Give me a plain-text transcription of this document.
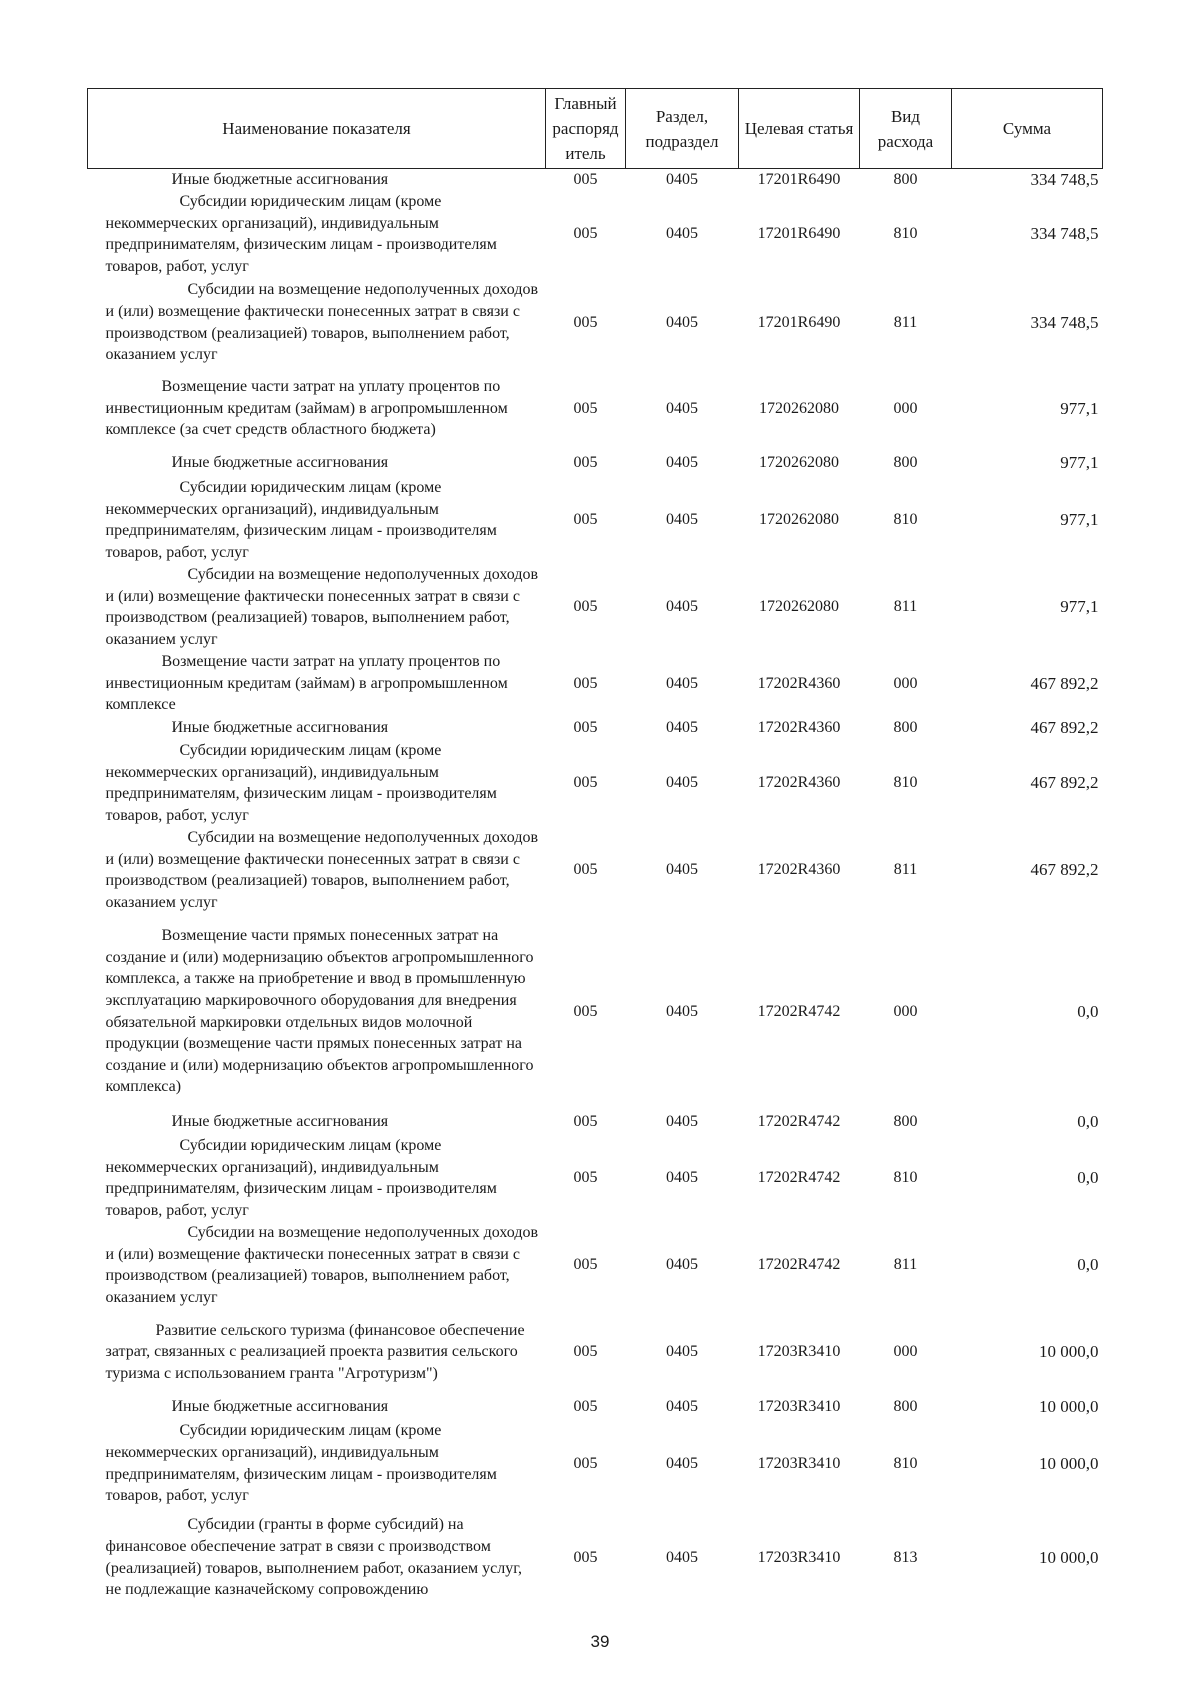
Наименование показателя	Главный распоряд итель	Раздел, подраздел	Целевая статья	Вид расхода	Сумма

Иные бюджетные ассигнования	005	0405	17201R6490	800	334 748,5

Субсидии юридическим лицам (кроме некоммерческих организаций), индивидуальным предпринимателям, физическим лицам - производителям товаров, работ, услуг	005	0405	17201R6490	810	334 748,5

Субсидии на возмещение недополученных доходов и (или) возмещение фактически понесенных затрат в связи с производством (реализацией) товаров, выполнением работ, оказанием услуг	005	0405	17201R6490	811	334 748,5

Возмещение части затрат на уплату процентов по инвестиционным кредитам (займам) в агропромышленном комплексе (за счет средств областного бюджета)	005	0405	1720262080	000	977,1

Иные бюджетные ассигнования	005	0405	1720262080	800	977,1

Субсидии юридическим лицам (кроме некоммерческих организаций), индивидуальным предпринимателям, физическим лицам - производителям товаров, работ, услуг	005	0405	1720262080	810	977,1

Субсидии на возмещение недополученных доходов и (или) возмещение фактически понесенных затрат в связи с производством (реализацией) товаров, выполнением работ, оказанием услуг	005	0405	1720262080	811	977,1

Возмещение части затрат на уплату процентов по инвестиционным кредитам (займам) в агропромышленном комплексе	005	0405	17202R4360	000	467 892,2

Иные бюджетные ассигнования	005	0405	17202R4360	800	467 892,2

Субсидии юридическим лицам (кроме некоммерческих организаций), индивидуальным предпринимателям, физическим лицам - производителям товаров, работ, услуг	005	0405	17202R4360	810	467 892,2

Субсидии на возмещение недополученных доходов и (или) возмещение фактически понесенных затрат в связи с производством (реализацией) товаров, выполнением работ, оказанием услуг	005	0405	17202R4360	811	467 892,2

Возмещение части прямых понесенных затрат на создание и (или) модернизацию объектов агропромышленного комплекса, а также на приобретение и ввод в промышленную эксплуатацию маркировочного оборудования для внедрения обязательной маркировки отдельных видов молочной продукции (возмещение части прямых понесенных затрат на создание и (или) модернизацию объектов агропромышленного комплекса)	005	0405	17202R4742	000	0,0

Иные бюджетные ассигнования	005	0405	17202R4742	800	0,0

Субсидии юридическим лицам (кроме некоммерческих организаций), индивидуальным предпринимателям, физическим лицам - производителям товаров, работ, услуг	005	0405	17202R4742	810	0,0

Субсидии на возмещение недополученных доходов и (или) возмещение фактически понесенных затрат в связи с производством (реализацией) товаров, выполнением работ, оказанием услуг	005	0405	17202R4742	811	0,0

Развитие сельского туризма (финансовое обеспечение затрат, связанных с реализацией проекта развития сельского туризма с использованием гранта "Агротуризм")	005	0405	17203R3410	000	10 000,0

Иные бюджетные ассигнования	005	0405	17203R3410	800	10 000,0

Субсидии юридическим лицам (кроме некоммерческих организаций), индивидуальным предпринимателям, физическим лицам - производителям товаров, работ, услуг	005	0405	17203R3410	810	10 000,0

Субсидии (гранты в форме субсидий) на финансовое обеспечение затрат в связи с производством (реализацией) товаров, выполнением работ, оказанием услуг, не подлежащие казначейскому сопровождению	005	0405	17203R3410	813	10 000,0
39
